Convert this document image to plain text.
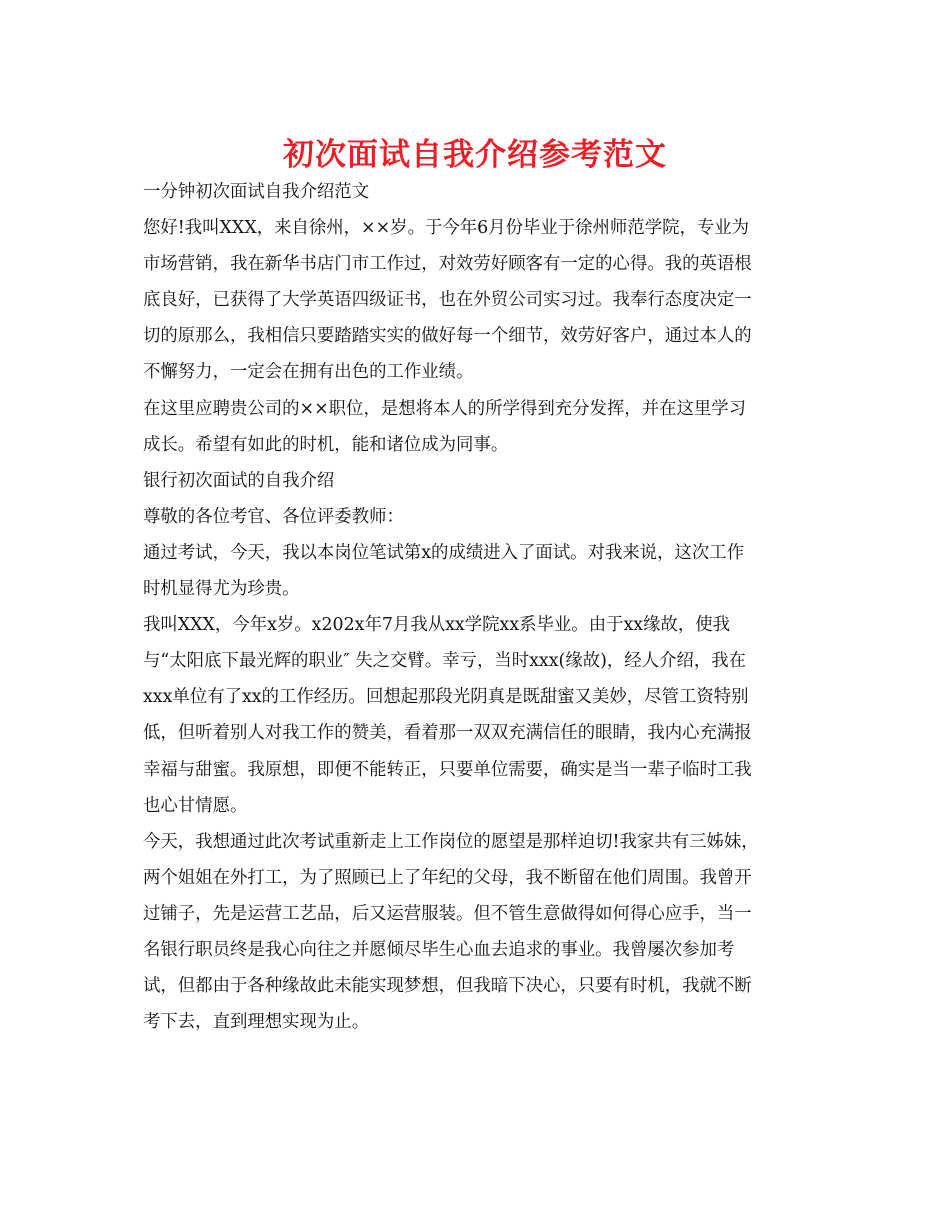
初次面试自我介绍参考范文

一分钟初次面试自我介绍范文

您好!我叫XXX，来自徐州，××岁。于今年6月份毕业于徐州师范学院，专业为

市场营销，我在新华书店门市工作过，对效劳好顾客有一定的心得。我的英语根

底良好，已获得了大学英语四级证书，也在外贸公司实习过。我奉行态度决定一

切的原那么，我相信只要踏踏实实的做好每一个细节，效劳好客户，通过本人的

不懈努力，一定会在拥有出色的工作业绩。

在这里应聘贵公司的××职位，是想将本人的所学得到充分发挥，并在这里学习

成长。希望有如此的时机，能和诸位成为同事。

银行初次面试的自我介绍

尊敬的各位考官、各位评委教师：

通过考试，今天，我以本岗位笔试第x的成绩进入了面试。对我来说，这次工作

时机显得尤为珍贵。

我叫XXX，今年x岁。x202x年7月我从xx学院xx系毕业。由于xx缘故，使我

与“太阳底下最光辉的职业″ 失之交臂。幸亏，当时xxx(缘故)，经人介绍，我在

xxx单位有了xx的工作经历。回想起那段光阴真是既甜蜜又美妙，尽管工资特别

低，但听着别人对我工作的赞美，看着那一双双充满信任的眼睛，我内心充满报

幸福与甜蜜。我原想，即便不能转正，只要单位需要，确实是当一辈子临时工我

也心甘情愿。

今天，我想通过此次考试重新走上工作岗位的愿望是那样迫切!我家共有三姊妹，

两个姐姐在外打工，为了照顾已上了年纪的父母，我不断留在他们周围。我曾开

过铺子，先是运营工艺品，后又运营服装。但不管生意做得如何得心应手，当一

名银行职员终是我心向往之并愿倾尽毕生心血去追求的事业。我曾屡次参加考

试，但都由于各种缘故此未能实现梦想，但我暗下决心，只要有时机，我就不断

考下去，直到理想实现为止。
